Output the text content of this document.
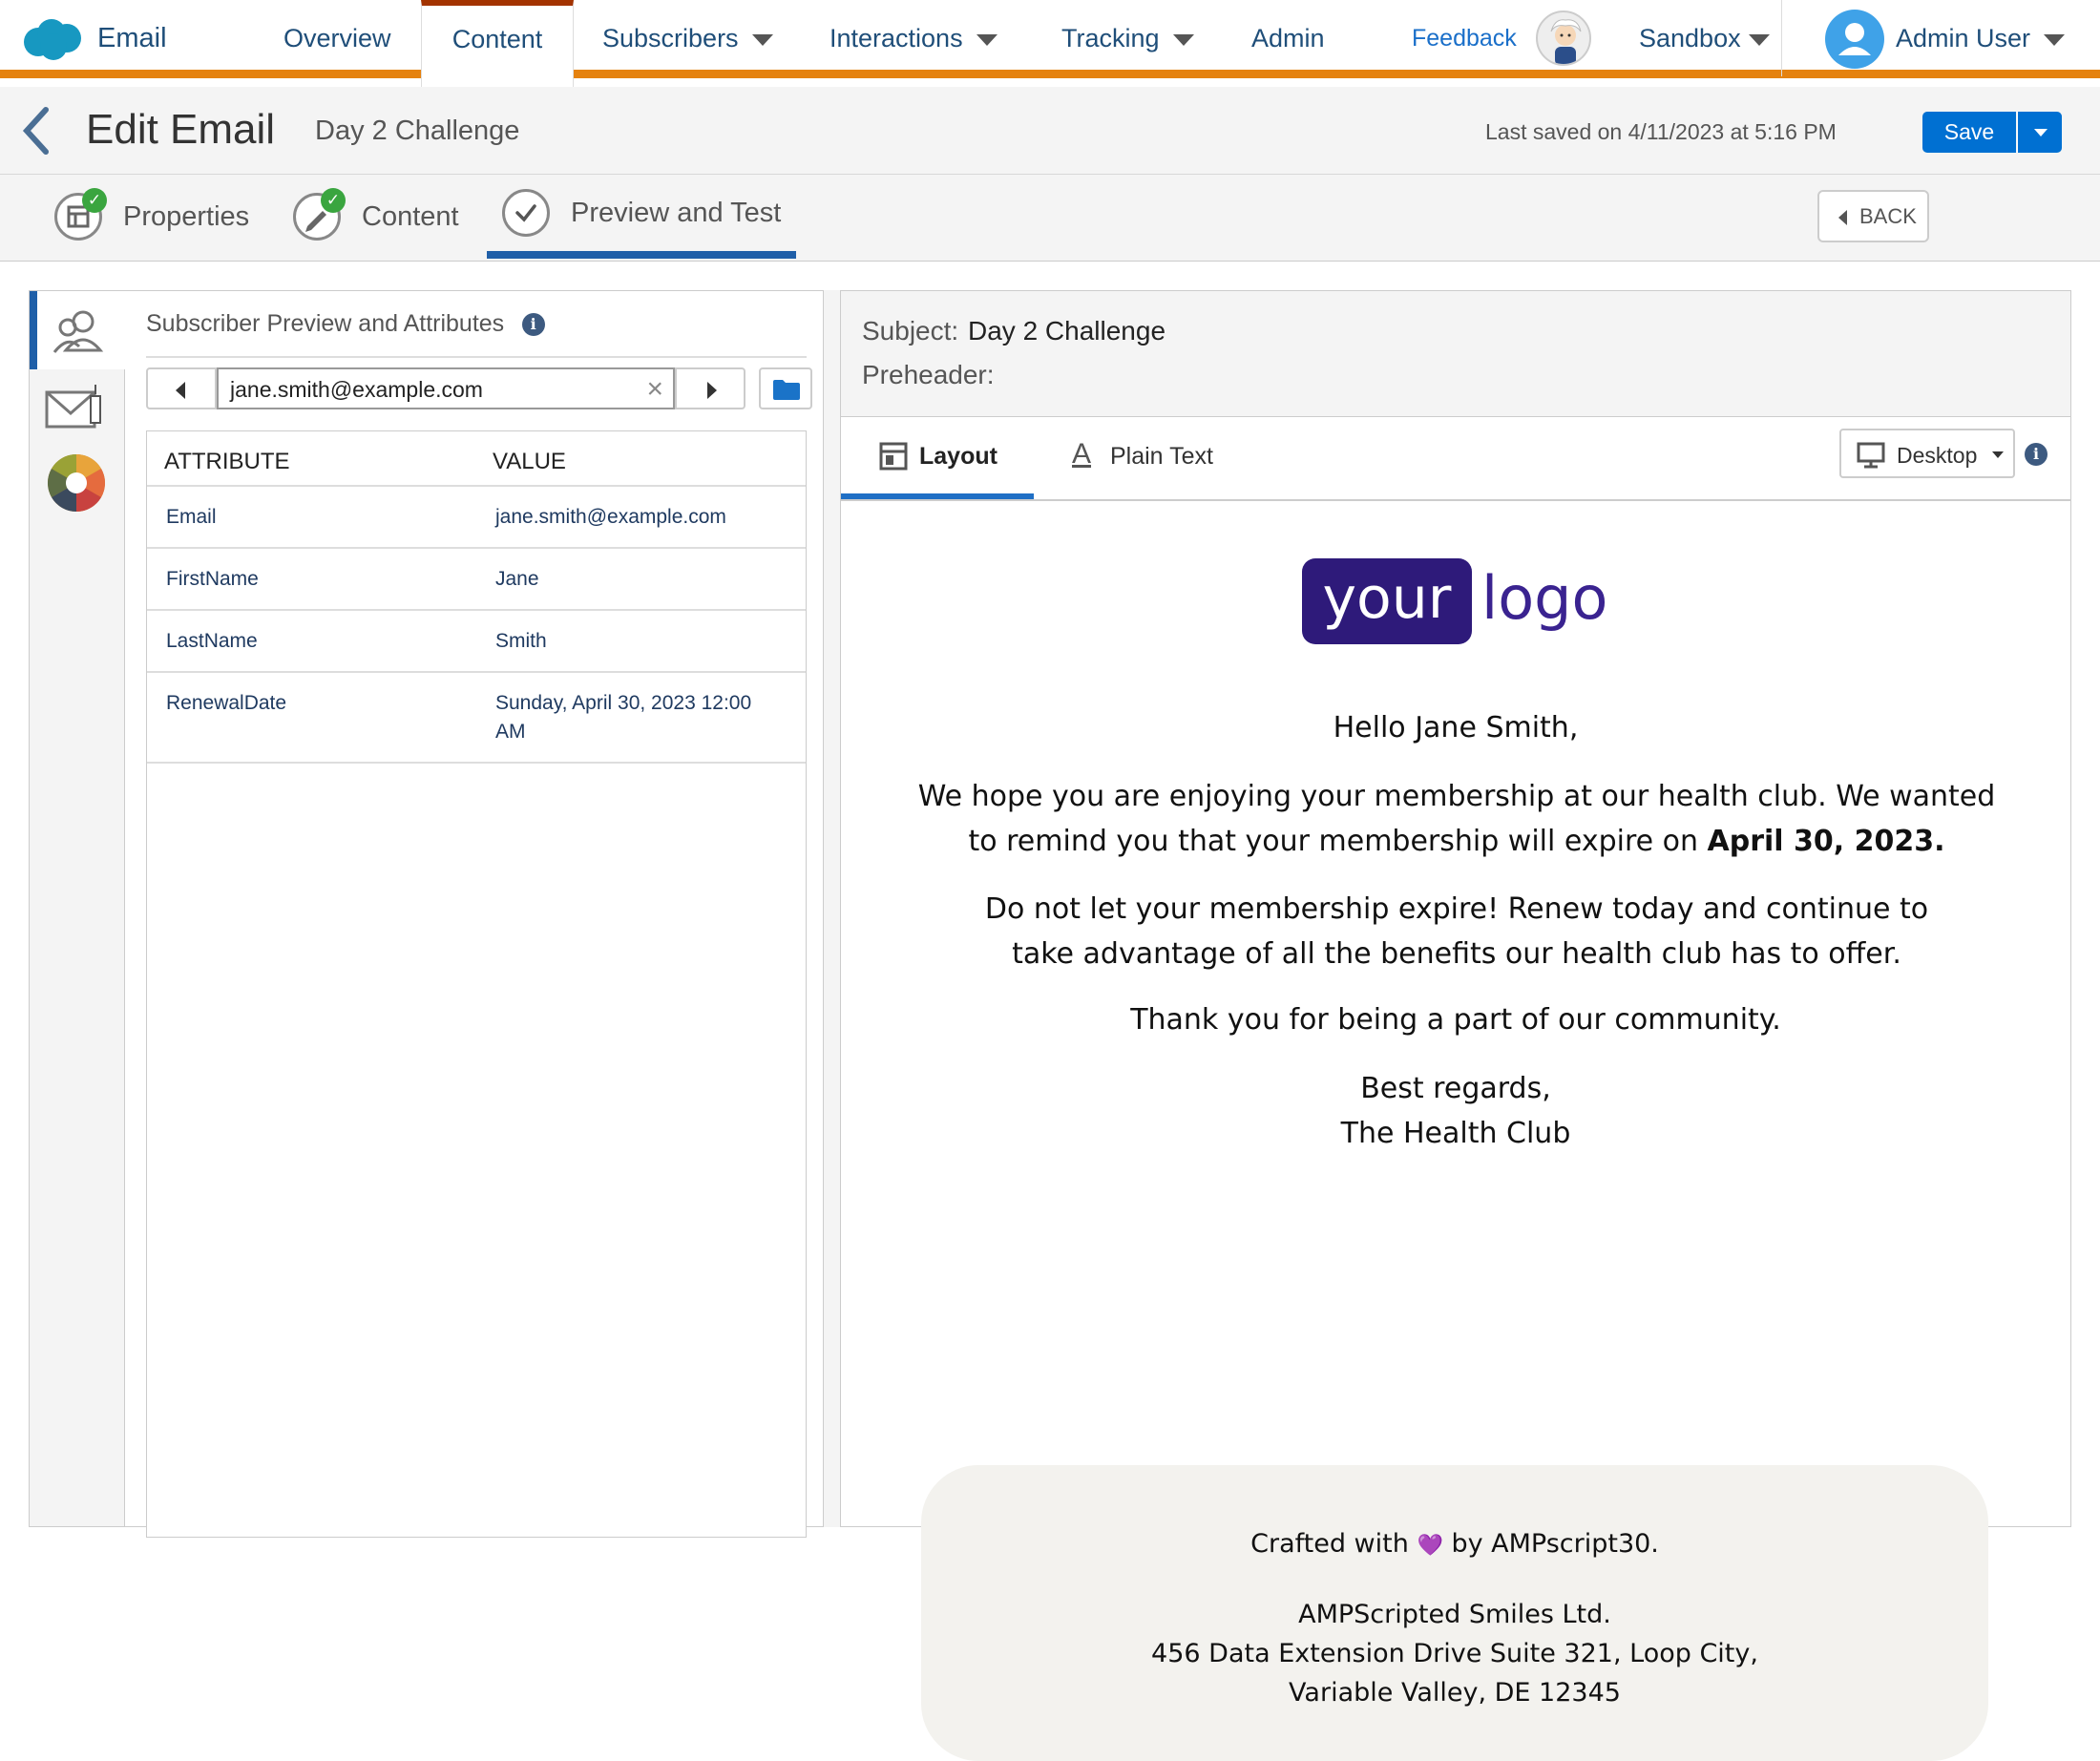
Email	Overview	Content	Subscribers	Interactions	Tracking	Admin	Feedback	Sandbox	Admin User
Edit Email Day 2 Challenge	Last saved on 4/11/2023 at 5:16 PM	Save
✓
Properties
✓
Content	Preview and Test	BACK
Subscriber Preview and Attributes i
jane.smith@example.com	×
ATTRIBUTE	VALUE
Email	jane.smith@example.com
FirstName	Jane
LastName	Smith
RenewalDate	Sunday, April 30, 2023 12:00 AM
Subject: Day 2 Challenge
Preheader:
Layout	A Plain Text	Desktop	i
your logo
Hello Jane Smith,
We hope you are enjoying your membership at our health club. We wanted to remind you that your membership will expire on April 30, 2023.
Do not let your membership expire! Renew today and continue to take advantage of all the benefits our health club has to offer.
Thank you for being a part of our community.
Best regards,
The Health Club
Crafted with 💜 by AMPscript30.
AMPScripted Smiles Ltd.
456 Data Extension Drive Suite 321, Loop City,
Variable Valley, DE 12345
